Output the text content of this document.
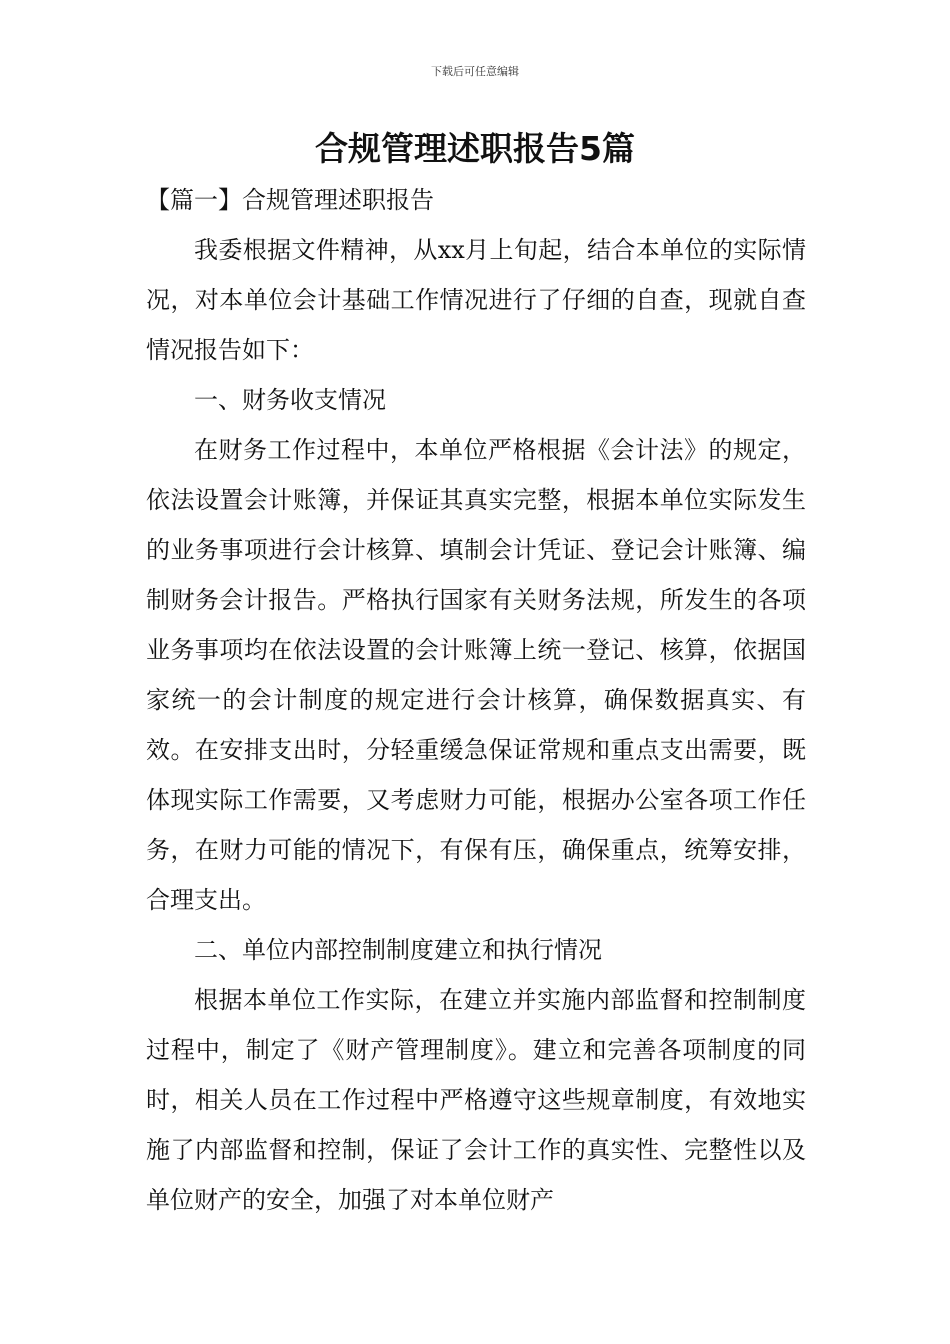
下载后可任意编辑
合规管理述职报告5篇

【篇一】合规管理述职报告

我委根据文件精神，从xx月上旬起，结合本单位的实际情况，对本单位会计基础工作情况进行了仔细的自查，现就自查情况报告如下：

一、财务收支情况

在财务工作过程中，本单位严格根据《会计法》的规定，依法设置会计账簿，并保证其真实完整，根据本单位实际发生的业务事项进行会计核算、填制会计凭证、登记会计账簿、编制财务会计报告。严格执行国家有关财务法规，所发生的各项业务事项均在依法设置的会计账簿上统一登记、核算，依据国家统一的会计制度的规定进行会计核算，确保数据真实、有效。在安排支出时，分轻重缓急保证常规和重点支出需要，既体现实际工作需要，又考虑财力可能，根据办公室各项工作任务，在财力可能的情况下，有保有压，确保重点，统筹安排，合理支出。

二、单位内部控制制度建立和执行情况

根据本单位工作实际，在建立并实施内部监督和控制制度过程中，制定了《财产管理制度》。建立和完善各项制度的同时，相关人员在工作过程中严格遵守这些规章制度，有效地实施了内部监督和控制，保证了会计工作的真实性、完整性以及单位财产的安全，加强了对本单位财产
